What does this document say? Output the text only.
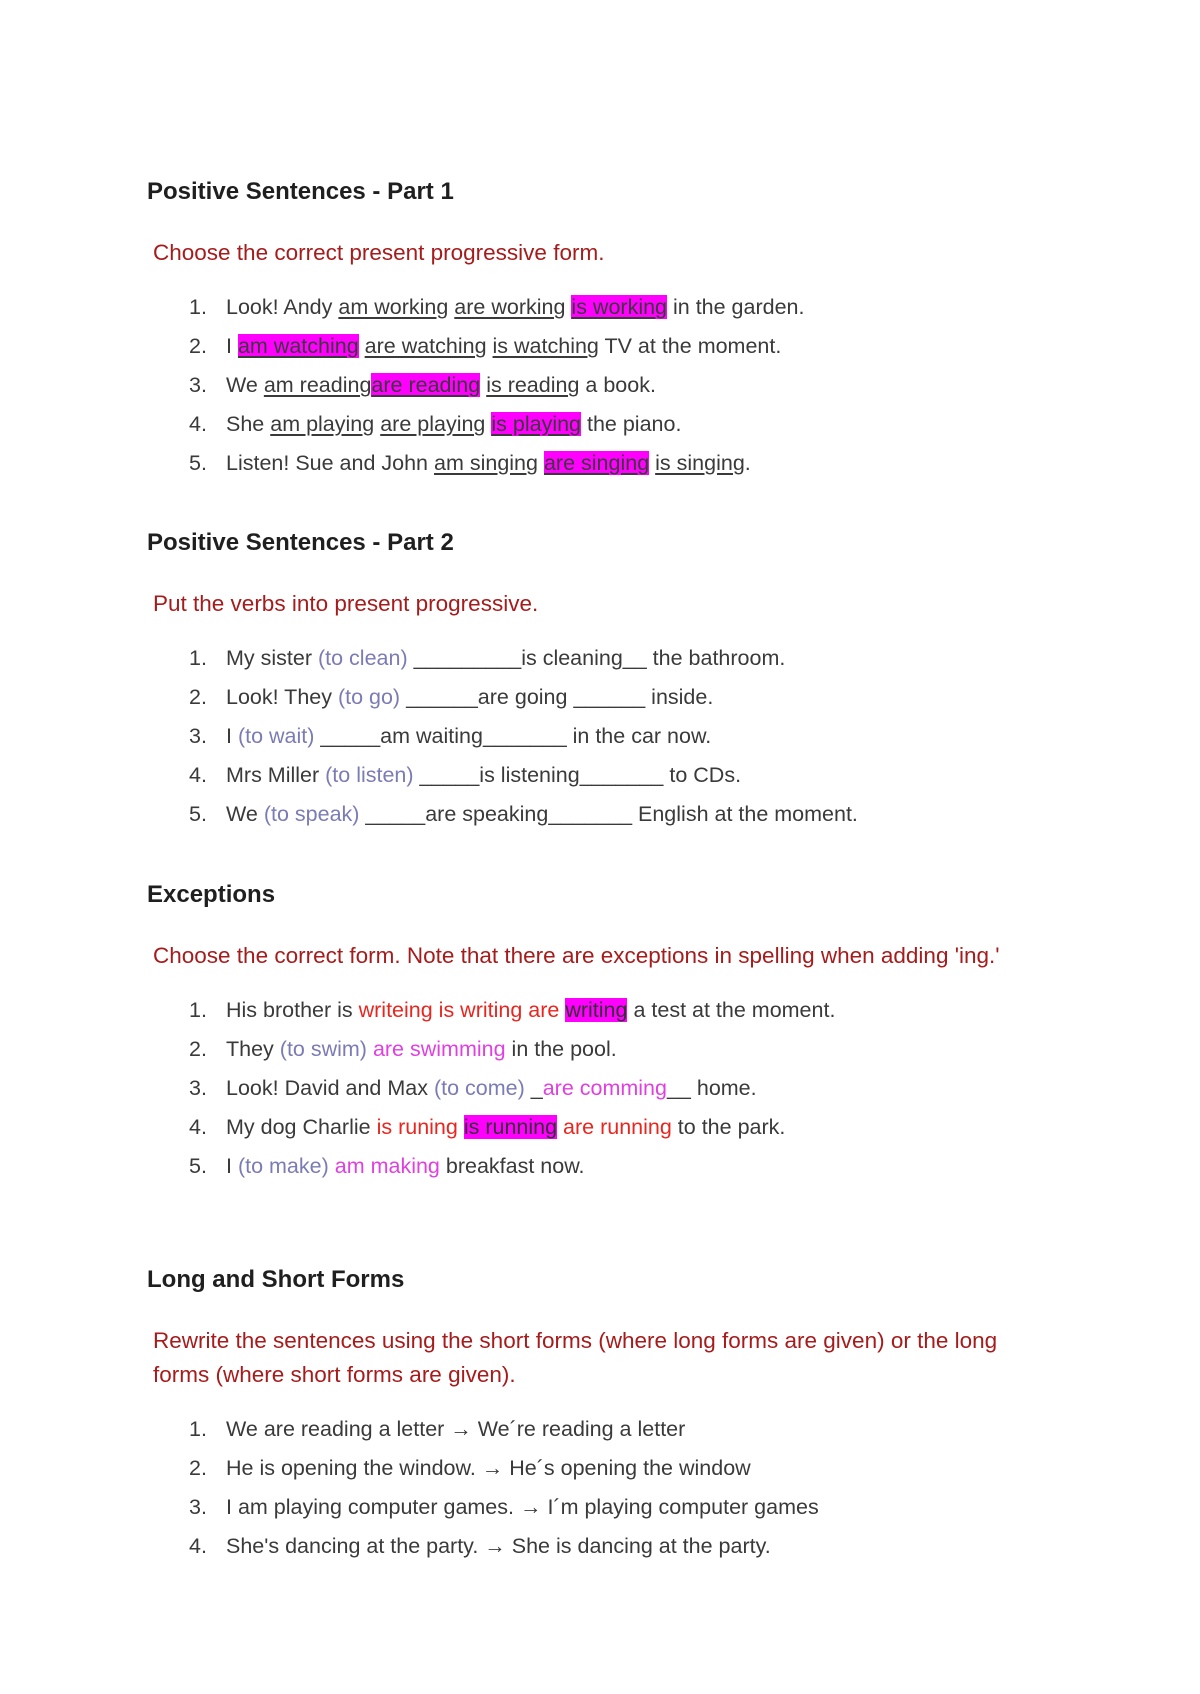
Positive Sentences - Part 1
Choose the correct present progressive form.
1. Look! Andy am working are working is working in the garden.
2. I am watching are watching is watching TV at the moment.
3. We am readingare reading is reading a book.
4. She am playing are playing is playing the piano.
5. Listen! Sue and John am singing are singing is singing.
Positive Sentences - Part 2
Put the verbs into present progressive.
1. My sister (to clean) _________is cleaning__ the bathroom.
2. Look! They (to go) ______are going ______ inside.
3. I (to wait) _____am waiting_______ in the car now.
4. Mrs Miller (to listen) _____is listening_______ to CDs.
5. We (to speak) _____are speaking_______ English at the moment.
Exceptions
Choose the correct form. Note that there are exceptions in spelling when adding 'ing.'
1. His brother is writeing is writing are writing a test at the moment.
2. They (to swim) are swimming in the pool.
3. Look! David and Max (to come) _are comming__ home.
4. My dog Charlie is runing is running are running to the park.
5. I (to make) am making breakfast now.
Long and Short Forms
Rewrite the sentences using the short forms (where long forms are given) or the long forms (where short forms are given).
1. We are reading a letter → We´re reading a letter
2. He is opening the window. → He´s opening the window
3. I am playing computer games. → I´m playing computer games
4. She's dancing at the party. → She is dancing at the party.
